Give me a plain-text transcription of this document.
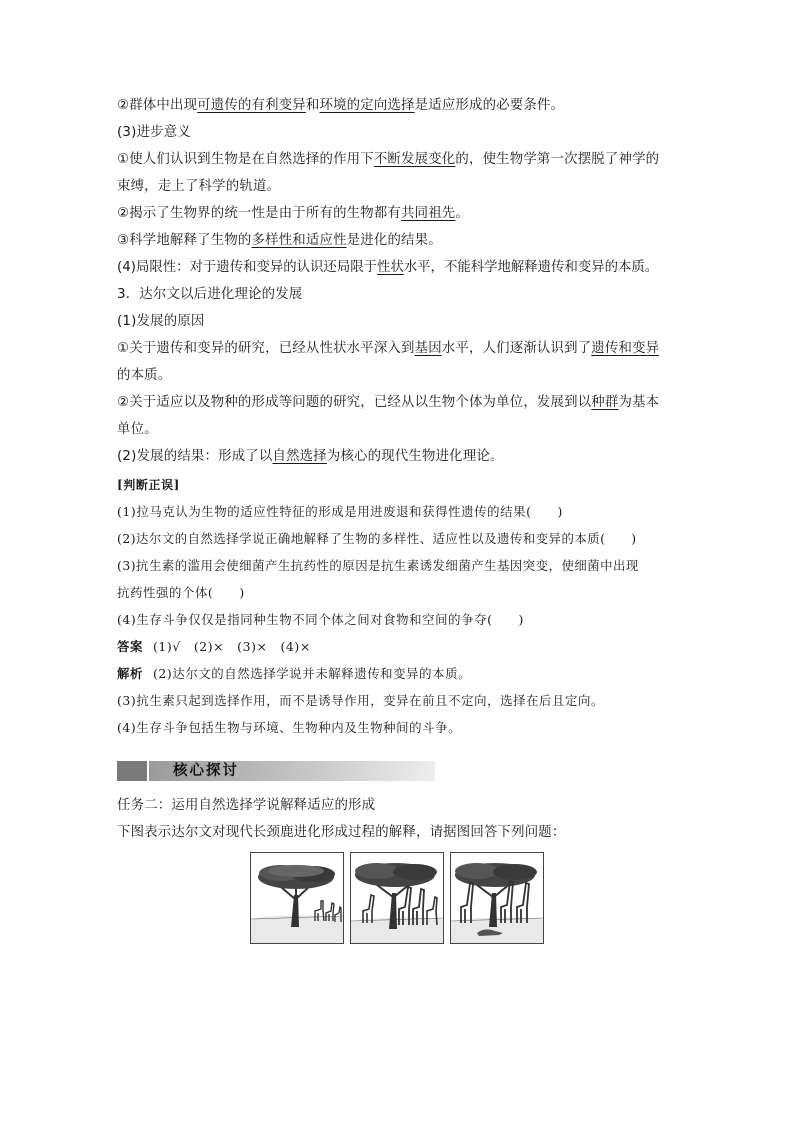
②群体中出现可遗传的有利变异和环境的定向选择是适应形成的必要条件。
(3)进步意义
①使人们认识到生物是在自然选择的作用下不断发展变化的，使生物学第一次摆脱了神学的
束缚，走上了科学的轨道。
②揭示了生物界的统一性是由于所有的生物都有共同祖先。
③科学地解释了生物的多样性和适应性是进化的结果。
(4)局限性：对于遗传和变异的认识还局限于性状水平，不能科学地解释遗传和变异的本质。
3．达尔文以后进化理论的发展
(1)发展的原因
①关于遗传和变异的研究，已经从性状水平深入到基因水平，人们逐渐认识到了遗传和变异
的本质。
②关于适应以及物种的形成等问题的研究，已经从以生物个体为单位，发展到以种群为基本
单位。
(2)发展的结果：形成了以自然选择为核心的现代生物进化理论。
[判断正误]
(1)拉马克认为生物的适应性特征的形成是用进废退和获得性遗传的结果(　　)
(2)达尔文的自然选择学说正确地解释了生物的多样性、适应性以及遗传和变异的本质(　　)
(3)抗生素的滥用会使细菌产生抗药性的原因是抗生素诱发细菌产生基因突变，使细菌中出现
抗药性强的个体(　　)
(4)生存斗争仅仅是指同种生物不同个体之间对食物和空间的争夺(　　)
答案 (1)√　(2)×　(3)×　(4)×
解析 (2)达尔文的自然选择学说并未解释遗传和变异的本质。
(3)抗生素只起到选择作用，而不是诱导作用，变异在前且不定向，选择在后且定向。
(4)生存斗争包括生物与环境、生物种内及生物种间的斗争。
核心探讨
任务二：运用自然选择学说解释适应的形成
下图表示达尔文对现代长颈鹿进化形成过程的解释，请据图回答下列问题：
